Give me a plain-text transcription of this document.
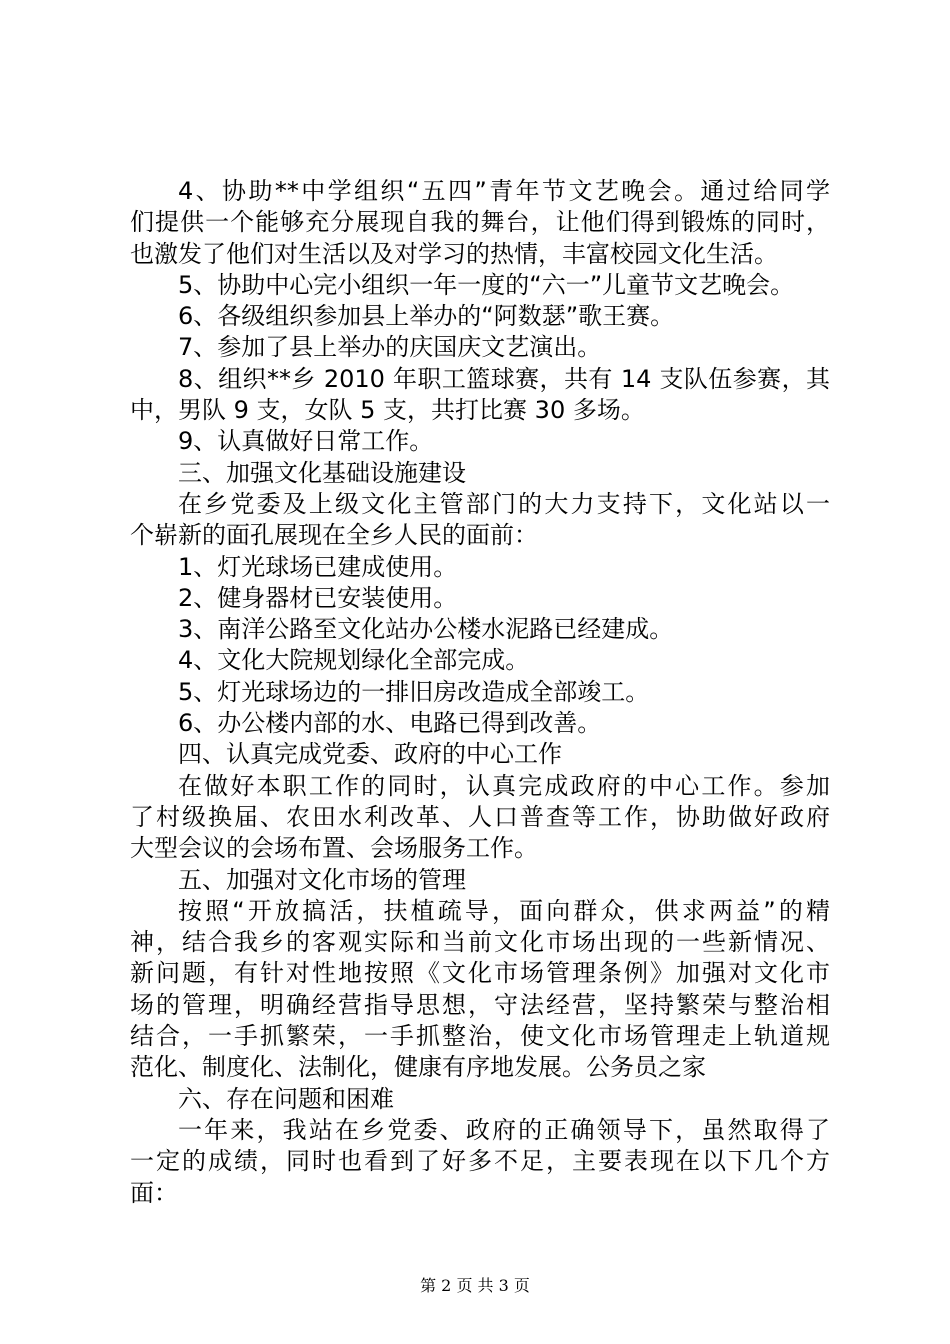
4、协助**中学组织“五四”青年节文艺晚会。通过给同学

们提供一个能够充分展现自我的舞台，让他们得到锻炼的同时，

也激发了他们对生活以及对学习的热情，丰富校园文化生活。

5、协助中心完小组织一年一度的“六一”儿童节文艺晚会。

6、各级组织参加县上举办的“阿数瑟”歌王赛。

7、参加了县上举办的庆国庆文艺演出。

8、组织**乡 2010 年职工篮球赛，共有 14 支队伍参赛，其

中，男队 9 支，女队 5 支，共打比赛 30 多场。

9、认真做好日常工作。

三、加强文化基础设施建设

在乡党委及上级文化主管部门的大力支持下，文化站以一

个崭新的面孔展现在全乡人民的面前：

1、灯光球场已建成使用。

2、健身器材已安装使用。

3、南洋公路至文化站办公楼水泥路已经建成。

4、文化大院规划绿化全部完成。

5、灯光球场边的一排旧房改造成全部竣工。

6、办公楼内部的水、电路已得到改善。

四、认真完成党委、政府的中心工作

在做好本职工作的同时，认真完成政府的中心工作。参加

了村级换届、农田水利改革、人口普查等工作，协助做好政府

大型会议的会场布置、会场服务工作。

五、加强对文化市场的管理

按照“开放搞活，扶植疏导，面向群众，供求两益”的精

神，结合我乡的客观实际和当前文化市场出现的一些新情况、

新问题，有针对性地按照《文化市场管理条例》加强对文化市

场的管理，明确经营指导思想，守法经营，坚持繁荣与整治相

结合，一手抓繁荣，一手抓整治，使文化市场管理走上轨道规

范化、制度化、法制化，健康有序地发展。公务员之家

六、存在问题和困难

一年来，我站在乡党委、政府的正确领导下，虽然取得了

一定的成绩，同时也看到了好多不足，主要表现在以下几个方

面：

第 2 页 共 3 页
